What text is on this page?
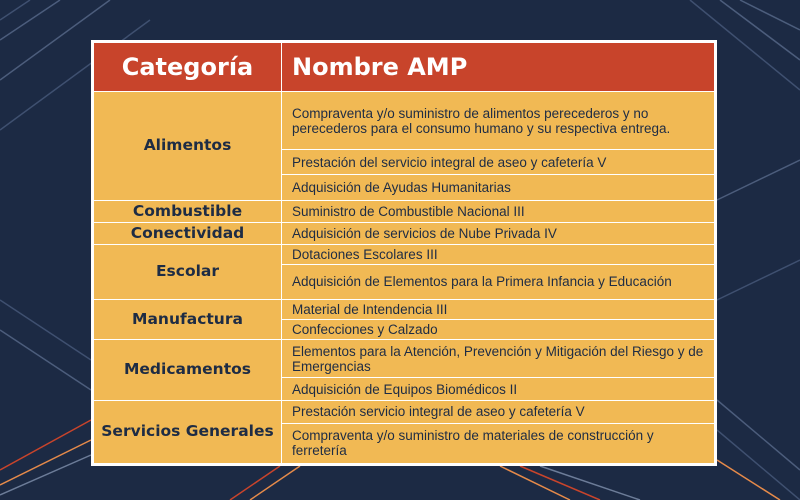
Categoría	Nombre AMP
Alimentos	Compraventa y/o suministro de alimentos perecederos y no perecederos para el consumo humano y su respectiva entrega.
	Prestación del servicio integral de aseo y cafetería V
	Adquisición de Ayudas Humanitarias
Combustible	Suministro de Combustible Nacional III
Conectividad	Adquisición de servicios de Nube Privada IV
Escolar	Dotaciones Escolares III
	Adquisición de Elementos para la Primera Infancia y Educación
Manufactura	Material de Intendencia III
	Confecciones y Calzado
Medicamentos	Elementos para la Atención, Prevención y Mitigación del Riesgo y de Emergencias
	Adquisición de Equipos Biomédicos II
Servicios Generales	Prestación servicio integral de aseo y cafetería V
	Compraventa y/o suministro de materiales de construcción y ferretería
